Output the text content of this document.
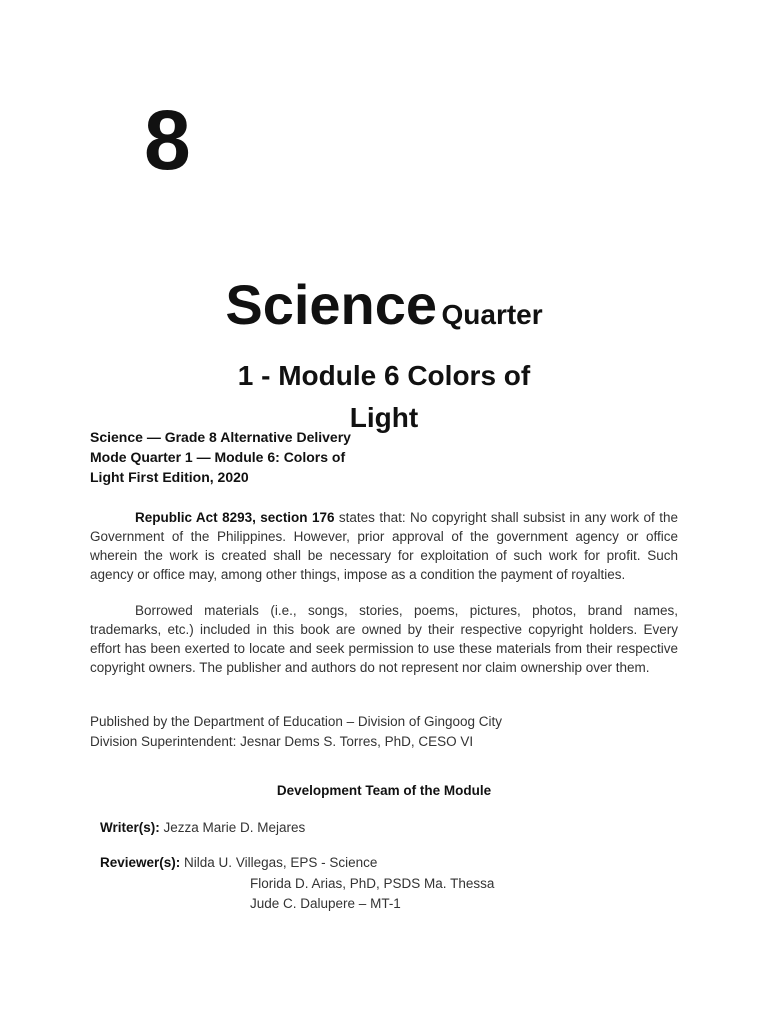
8
Science Quarter
1 - Module 6 Colors of
Light
Science — Grade 8 Alternative Delivery
Mode Quarter 1 — Module 6: Colors of
Light First Edition, 2020

Republic Act 8293, section 176 states that: No copyright shall subsist in any work of the Government of the Philippines. However, prior approval of the government agency or office wherein the work is created shall be necessary for exploitation of such work for profit. Such agency or office may, among other things, impose as a condition the payment of royalties.

Borrowed materials (i.e., songs, stories, poems, pictures, photos, brand names, trademarks, etc.) included in this book are owned by their respective copyright holders. Every effort has been exerted to locate and seek permission to use these materials from their respective copyright owners. The publisher and authors do not represent nor claim ownership over them.

Published by the Department of Education – Division of Gingoog City
Division Superintendent: Jesnar Dems S. Torres, PhD, CESO VI
Development Team of the Module
Writer(s): Jezza Marie D. Mejares
Reviewer(s): Nilda U. Villegas, EPS - Science
Florida D. Arias, PhD, PSDS Ma. Thessa
Jude C. Dalupere – MT-1
